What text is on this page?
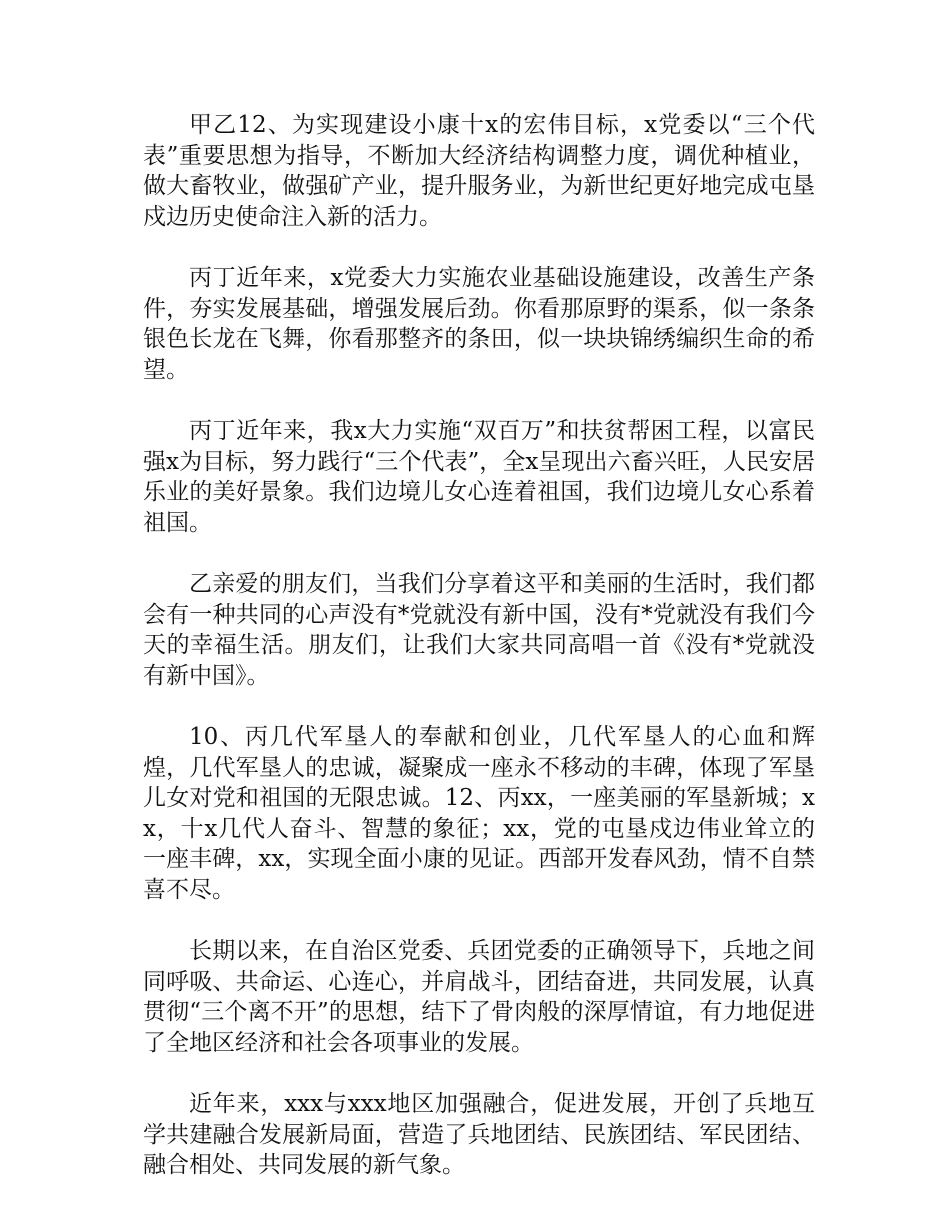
甲乙12、为实现建设小康十x的宏伟目标，x党委以“三个代表”重要思想为指导，不断加大经济结构调整力度，调优种植业，做大畜牧业，做强矿产业，提升服务业，为新世纪更好地完成屯垦戍边历史使命注入新的活力。

丙丁近年来，x党委大力实施农业基础设施建设，改善生产条件，夯实发展基础，增强发展后劲。你看那原野的渠系，似一条条银色长龙在飞舞，你看那整齐的条田，似一块块锦绣编织生命的希望。

丙丁近年来，我x大力实施“双百万”和扶贫帮困工程，以富民强x为目标，努力践行“三个代表”，全x呈现出六畜兴旺，人民安居乐业的美好景象。我们边境儿女心连着祖国，我们边境儿女心系着祖国。

乙亲爱的朋友们，当我们分享着这平和美丽的生活时，我们都会有一种共同的心声没有*党就没有新中国，没有*党就没有我们今天的幸福生活。朋友们，让我们大家共同高唱一首《没有*党就没有新中国》。

10、丙几代军垦人的奉献和创业，几代军垦人的心血和辉煌，几代军垦人的忠诚，凝聚成一座永不移动的丰碑，体现了军垦儿女对党和祖国的无限忠诚。12、丙xx，一座美丽的军垦新城；xx，十x几代人奋斗、智慧的象征；xx，党的屯垦戍边伟业耸立的一座丰碑，xx，实现全面小康的见证。西部开发春风劲，情不自禁喜不尽。

长期以来，在自治区党委、兵团党委的正确领导下，兵地之间同呼吸、共命运、心连心，并肩战斗，团结奋进，共同发展，认真贯彻“三个离不开”的思想，结下了骨肉般的深厚情谊，有力地促进了全地区经济和社会各项事业的发展。

近年来，xxx与xxx地区加强融合，促进发展，开创了兵地互学共建融合发展新局面，营造了兵地团结、民族团结、军民团结、融合相处、共同发展的新气象。
